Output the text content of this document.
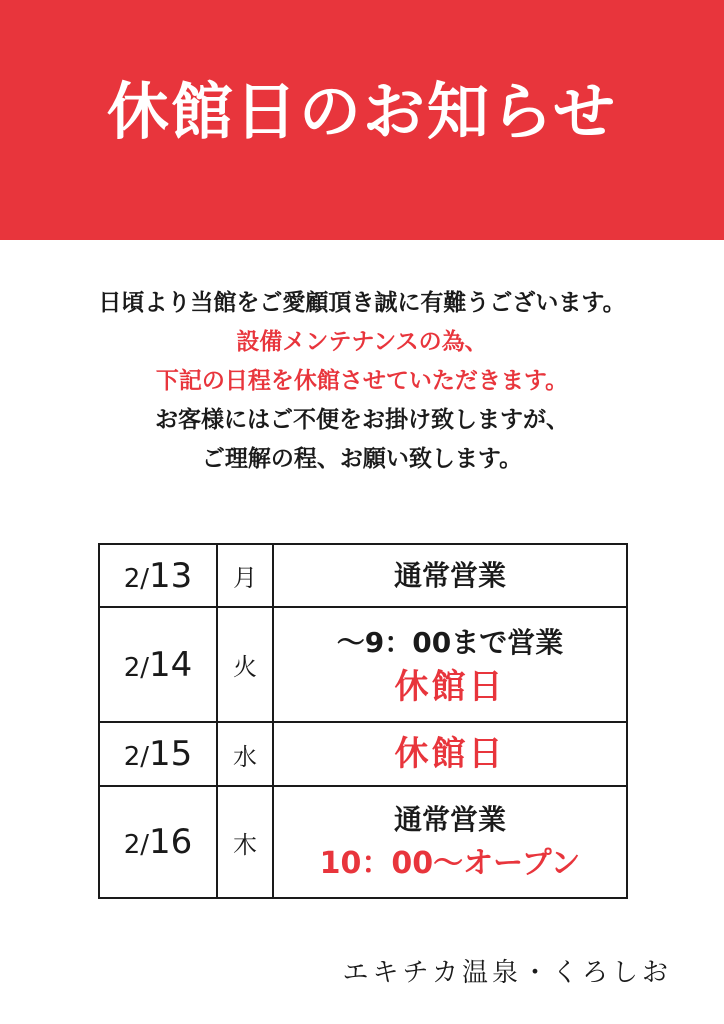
休館日のお知らせ
日頃より当館をご愛顧頂き誠に有難うございます。
設備メンテナンスの為、
下記の日程を休館させていただきます。
お客様にはご不便をお掛け致しますが、
ご理解の程、お願い致します。
2/13	月	通常営業

2/14	火	～9：00まで営業
休館日

2/15	水	休館日

2/16	木	通常営業
10：00～オープン
エキチカ温泉・くろしお
